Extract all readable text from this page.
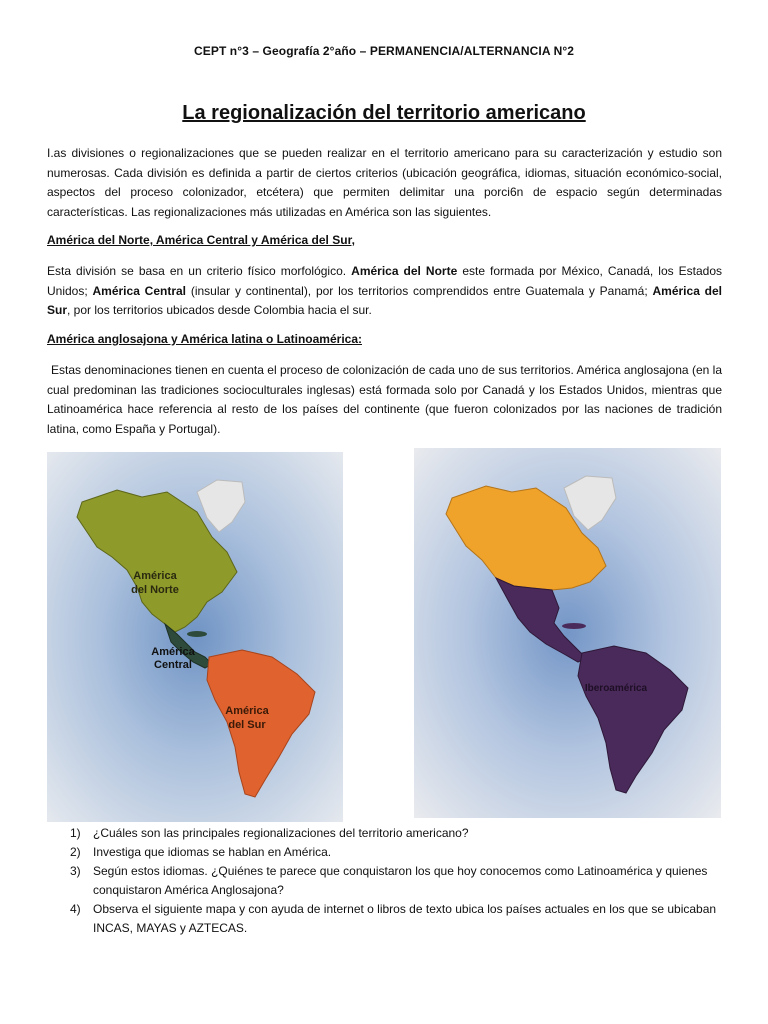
CEPT n°3 – Geografía 2°año – PERMANENCIA/ALTERNANCIA N°2
La regionalización del territorio americano

I.as divisiones o regionalizaciones que se pueden realizar en el territorio americano para su caracterización y estudio son numerosas. Cada división es definida a partir de ciertos criterios (ubicación geográfica, idiomas, situación económico-social, aspectos del proceso colonizador, etcétera) que permiten delimitar una porci6n de espacio según determinadas características. Las regionalizaciones más utilizadas en América son las siguientes.

América del Norte, América Central y América del Sur,

Esta división se basa en un criterio físico morfológico. América del Norte este formada por México, Canadá, los Estados Unidos; América Central (insular y continental), por los territorios comprendidos entre Guatemala y Panamá; América del Sur, por los territorios ubicados desde Colombia hacia el sur.

América anglosajona y América latina o Latinoamérica:

Estas denominaciones tienen en cuenta el proceso de colonización de cada uno de sus territorios. América anglosajona (en la cual predominan las tradiciones socioculturales inglesas) está formada solo por Canadá y los Estados Unidos, mientras que Latinoamérica hace referencia al resto de los países del continente (que fueron colonizados por las naciones de tradición latina, como España y Portugal).

América
del Norte
América
Central
América
del Sur
Iberoamérica
1) ¿Cuáles son las principales regionalizaciones del territorio americano?
2) Investiga que idiomas se hablan en América.
3) Según estos idiomas. ¿Quiénes te parece que conquistaron los que hoy conocemos como Latinoamérica y quienes conquistaron América Anglosajona?
4) Observa el siguiente mapa y con ayuda de internet o libros de texto ubica los países actuales en los que se ubicaban INCAS, MAYAS y AZTECAS.
